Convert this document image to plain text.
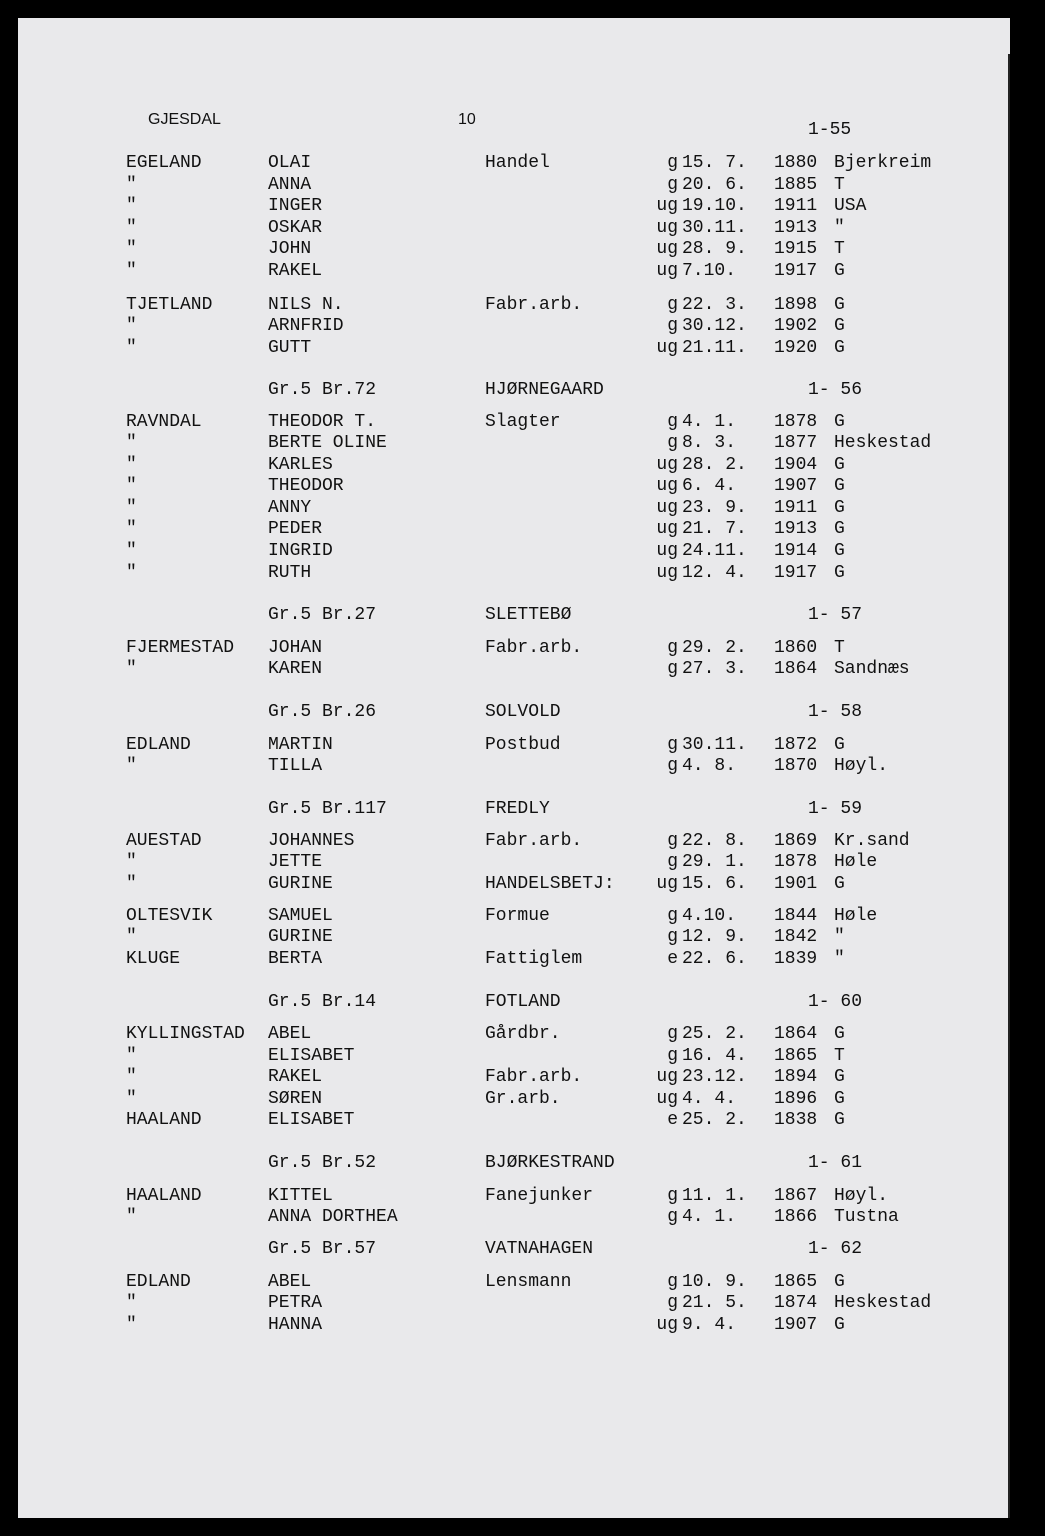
GJESDAL	10
1-55
EGELAND	OLAI	Handel	g 15. 7. 1880 Bjerkreim
"	ANNA	g 20. 6. 1885 T
"	INGER	ug 19.10. 1911 USA
"	OSKAR	ug 30.11. 1913 "
"	JOHN	ug 28. 9. 1915 T
"	RAKEL	ug 7.10. 1917 G
TJETLAND	NILS N.	Fabr.arb.	g 22. 3. 1898 G
"	ARNFRID	g 30.12. 1902 G
"	GUTT	ug 21.11. 1920 G
Gr.5 Br.72	HJØRNEGAARD	1- 56
RAVNDAL	THEODOR T.	Slagter	g 4. 1. 1878 G
"	BERTE OLINE	g 8. 3. 1877 Heskestad
"	KARLES	ug 28. 2. 1904 G
"	THEODOR	ug 6. 4. 1907 G
"	ANNY	ug 23. 9. 1911 G
"	PEDER	ug 21. 7. 1913 G
"	INGRID	ug 24.11. 1914 G
"	RUTH	ug 12. 4. 1917 G
Gr.5 Br.27	SLETTEBØ	1- 57
FJERMESTAD JOHAN	Fabr.arb.	g 29. 2. 1860 T
"	KAREN	g 27. 3. 1864 Sandnæs
Gr.5 Br.26	SOLVOLD	1- 58
EDLAND	MARTIN	Postbud	g 30.11. 1872 G
"	TILLA	g 4. 8. 1870 Høyl.
Gr.5 Br.117	FREDLY	1- 59
AUESTAD	JOHANNES	Fabr.arb.	g 22. 8. 1869 Kr.sand
"	JETTE	g 29. 1. 1878 Høle
"	GURINE	HANDELSBETJ:	ug 15. 6. 1901 G
OLTESVIK	SAMUEL	Formue	g 4.10. 1844 Høle
"	GURINE	g 12. 9. 1842 "
KLUGE	BERTA	Fattiglem	e 22. 6. 1839 "
Gr.5 Br.14	FOTLAND	1- 60
KYLLINGSTAD ABEL	Gårdbr.	g 25. 2. 1864 G
"	ELISABET	g 16. 4. 1865 T
"	RAKEL	Fabr.arb.	ug 23.12. 1894 G
"	SØREN	Gr.arb.	ug 4. 4. 1896 G
HAALAND	ELISABET	e 25. 2. 1838 G
Gr.5 Br.52	BJØRKESTRAND	1- 61
HAALAND	KITTEL	Fanejunker	g 11. 1. 1867 Høyl.
"	ANNA DORTHEA	g 4. 1. 1866 Tustna
Gr.5 Br.57	VATNAHAGEN	1- 62
EDLAND	ABEL	Lensmann	g 10. 9. 1865 G
"	PETRA	g 21. 5. 1874 Heskestad
"	HANNA	ug 9. 4. 1907 G
